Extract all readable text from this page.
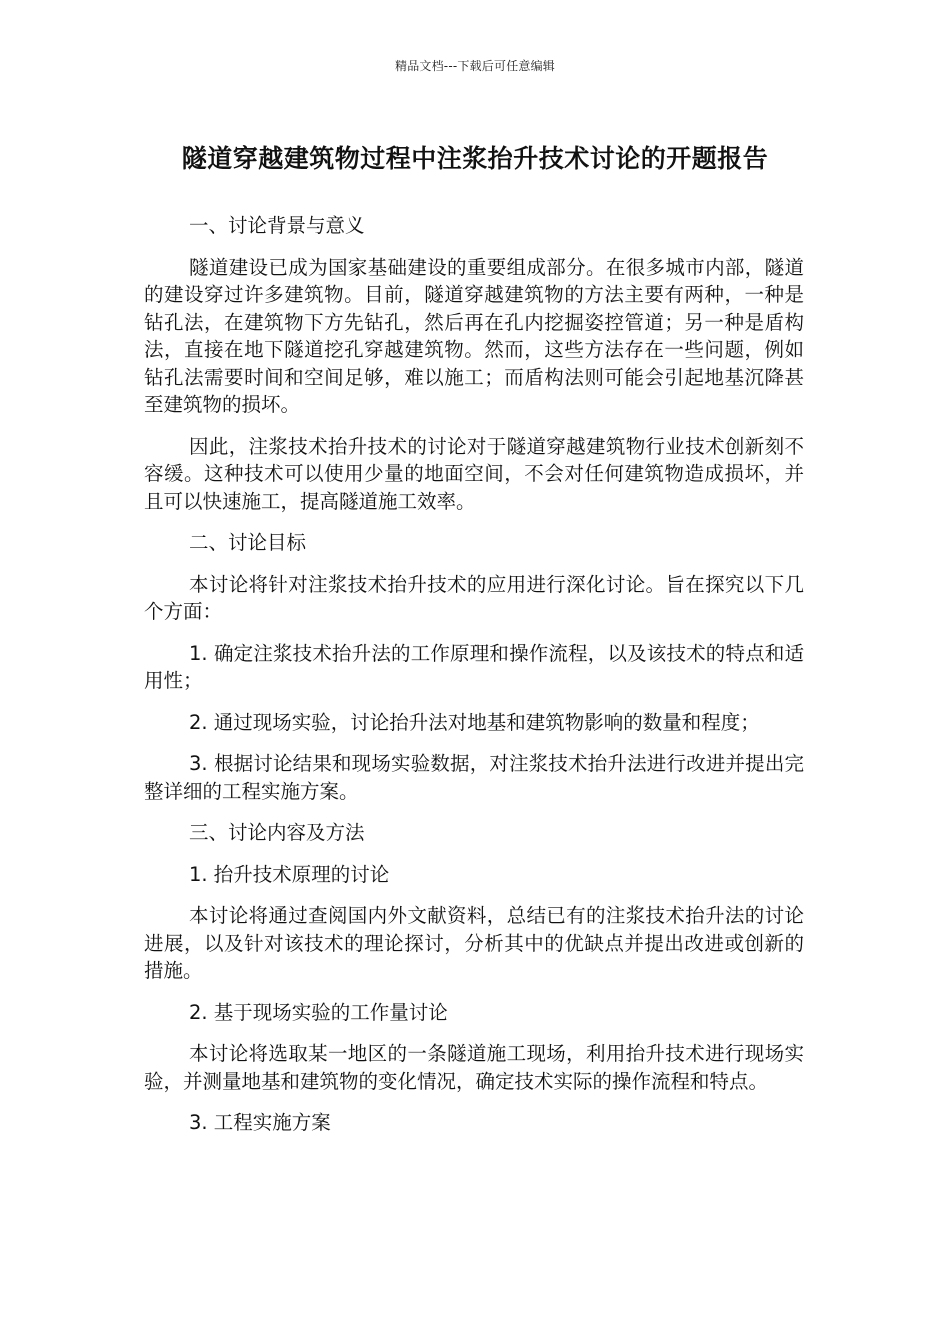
精品文档---下载后可任意编辑
隧道穿越建筑物过程中注浆抬升技术讨论的开题报告

一、讨论背景与意义

隧道建设已成为国家基础建设的重要组成部分。在很多城市内部，隧道的建设穿过许多建筑物。目前，隧道穿越建筑物的方法主要有两种，一种是钻孔法，在建筑物下方先钻孔，然后再在孔内挖掘姿控管道；另一种是盾构法，直接在地下隧道挖孔穿越建筑物。然而，这些方法存在一些问题，例如钻孔法需要时间和空间足够，难以施工；而盾构法则可能会引起地基沉降甚至建筑物的损坏。

因此，注浆技术抬升技术的讨论对于隧道穿越建筑物行业技术创新刻不容缓。这种技术可以使用少量的地面空间，不会对任何建筑物造成损坏，并且可以快速施工，提高隧道施工效率。

二、讨论目标

本讨论将针对注浆技术抬升技术的应用进行深化讨论。旨在探究以下几个方面：

1. 确定注浆技术抬升法的工作原理和操作流程，以及该技术的特点和适用性；

2. 通过现场实验，讨论抬升法对地基和建筑物影响的数量和程度；

3. 根据讨论结果和现场实验数据，对注浆技术抬升法进行改进并提出完整详细的工程实施方案。

三、讨论内容及方法

1. 抬升技术原理的讨论

本讨论将通过查阅国内外文献资料，总结已有的注浆技术抬升法的讨论进展，以及针对该技术的理论探讨，分析其中的优缺点并提出改进或创新的措施。

2. 基于现场实验的工作量讨论

本讨论将选取某一地区的一条隧道施工现场，利用抬升技术进行现场实验，并测量地基和建筑物的变化情况，确定技术实际的操作流程和特点。

3. 工程实施方案
